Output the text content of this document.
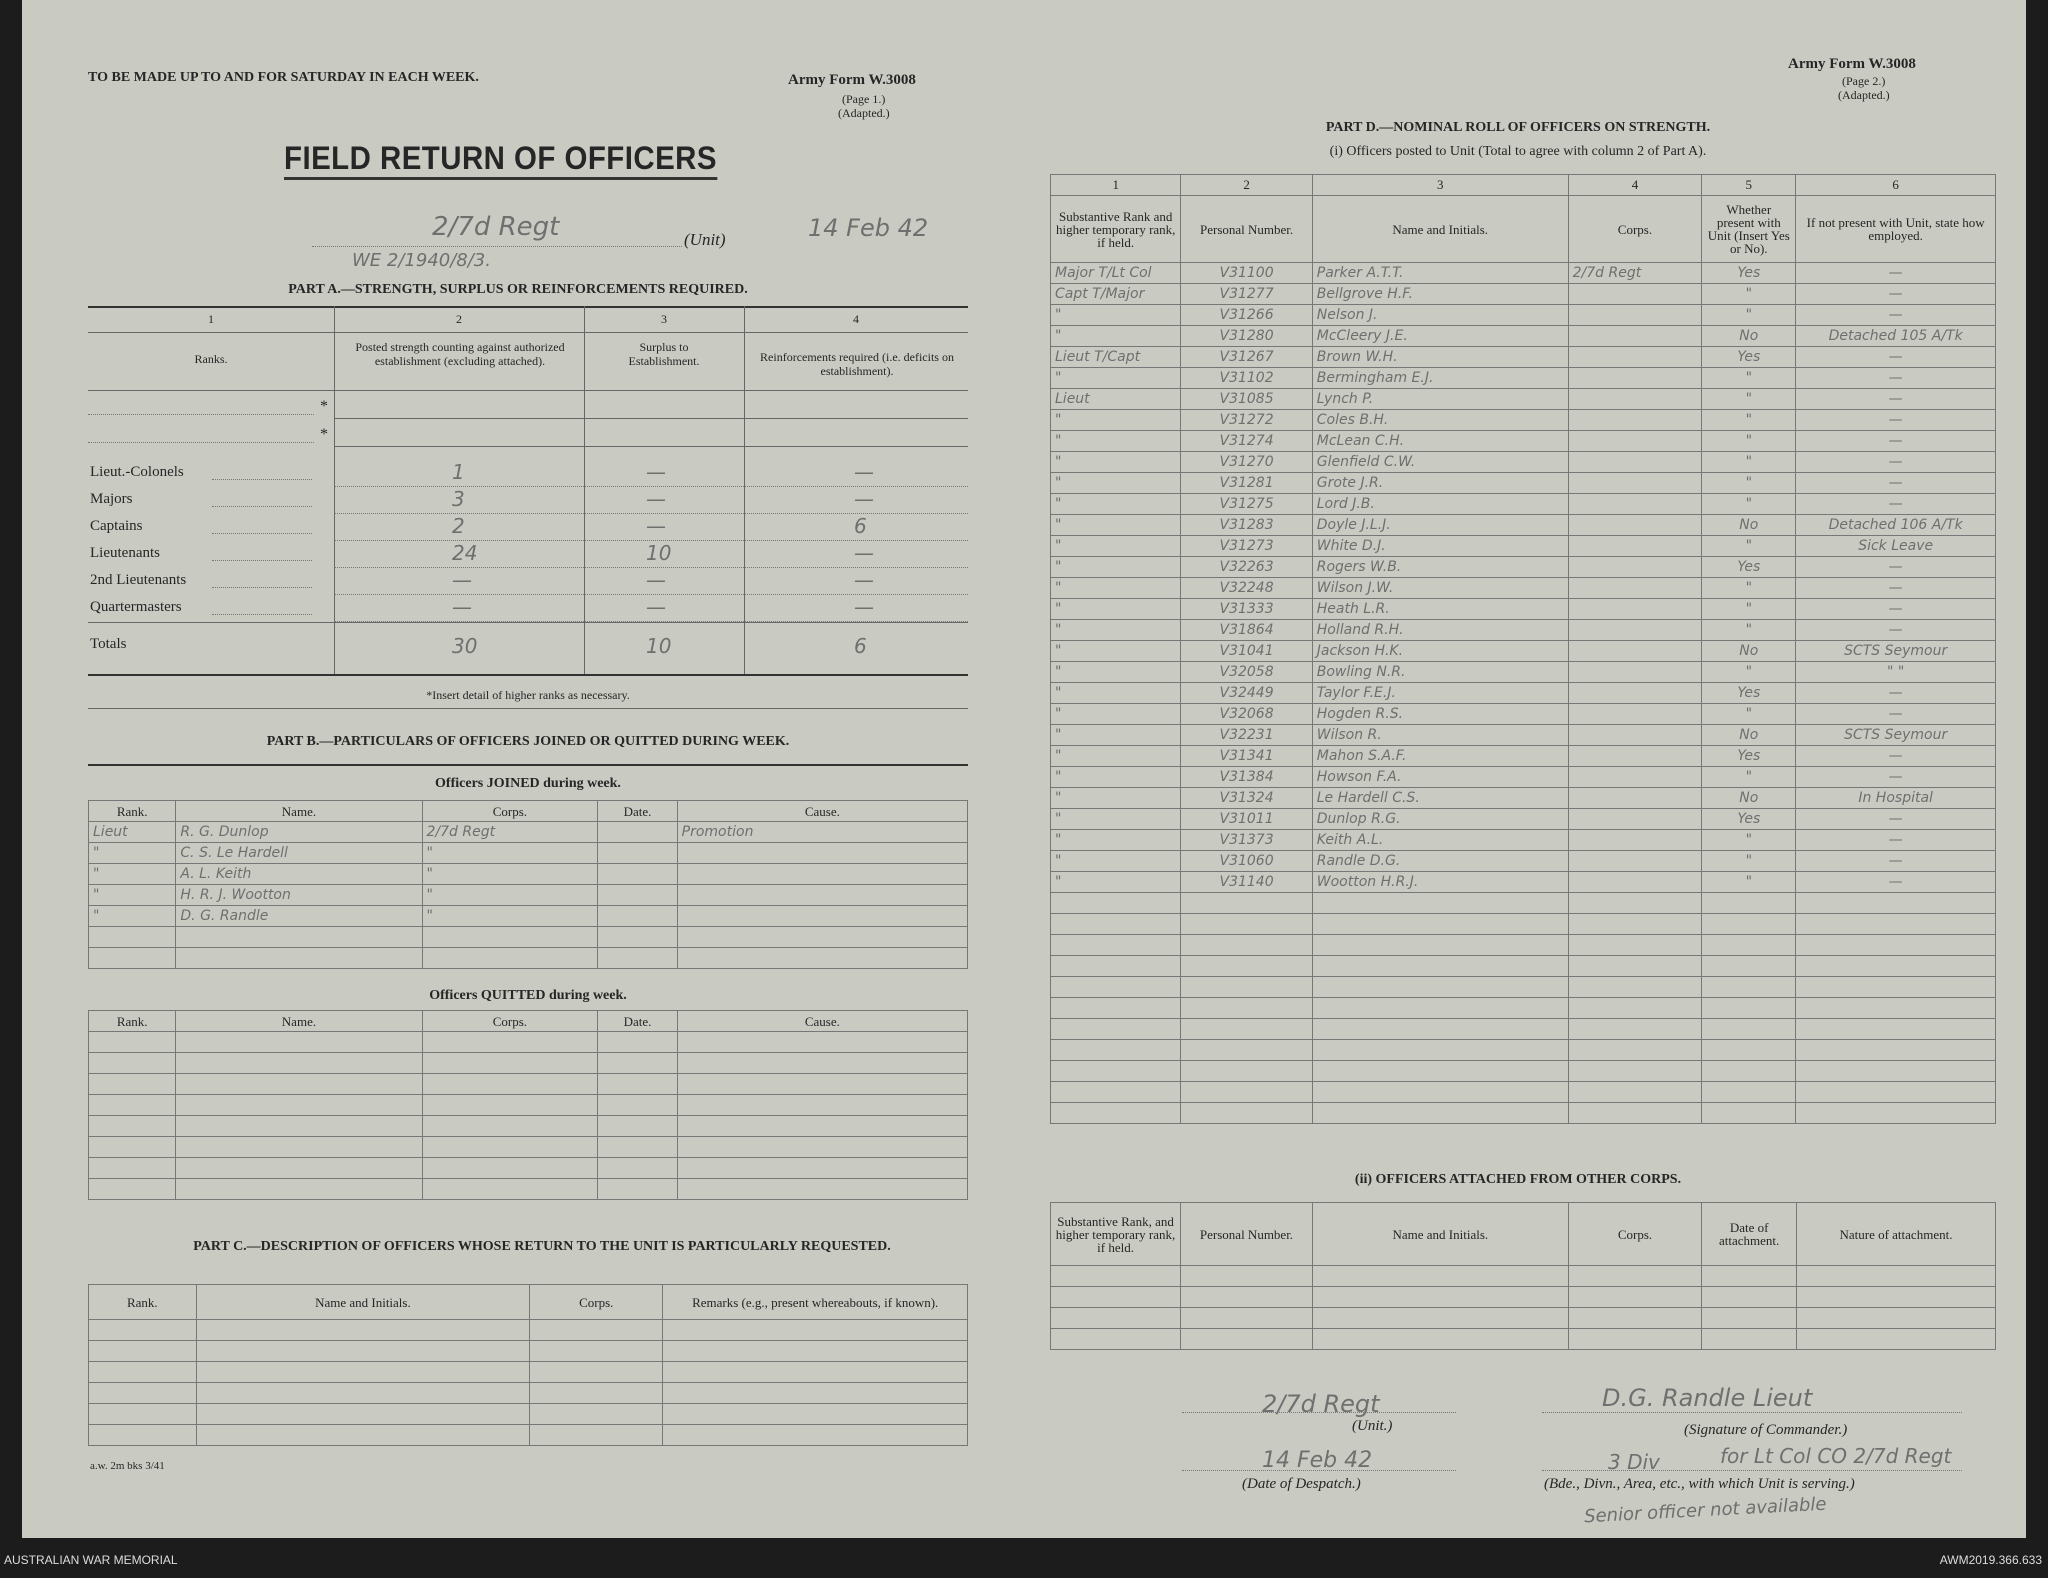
TO BE MADE UP TO AND FOR SATURDAY IN EACH WEEK.	Army Form W.3008
(Page 1.)
(Adapted.)
FIELD RETURN OF OFFICERS
2/7d Regt	(Unit)	14 Feb 42
WE 2/1940/8/3.
PART A.—STRENGTH, SURPLUS OR REINFORCEMENTS REQUIRED.
1	2	3	4
Ranks.
Posted strength counting against authorized establishment (excluding attached).
Surplus to Establishment.	Reinforcements required (i.e. deficits on establishment).
*
*
Totals	30	10	6
*Insert detail of higher ranks as necessary.
PART B.—PARTICULARS OF OFFICERS JOINED OR QUITTED DURING WEEK.
Officers JOINED during week.
Rank.	Name.	Corps.	Date.	Cause.
Lieut	R. G. Dunlop	2/7d Regt		Promotion
"	C. S. Le Hardell	"		
"	A. L. Keith	"		
"	H. R. J. Wootton	"		
"	D. G. Randle	"		

Officers QUITTED during week.
Rank.	Name.	Corps.	Date.	Cause.

PART C.—DESCRIPTION OF OFFICERS WHOSE RETURN TO THE UNIT IS PARTICULARLY REQUESTED.
Rank.	Name and Initials.	Corps.	Remarks (e.g., present whereabouts, if known).

a.w. 2m bks 3/41
Lieut.-Colonels	1	—	—
Majors	3	—	—
Captains	2	—	6
Lieutenants	24	10	—
2nd Lieutenants	—	—	—
Quartermasters	—	—	—
Army Form W.3008
(Page 2.)
(Adapted.)
PART D.—NOMINAL ROLL OF OFFICERS ON STRENGTH.
(i) Officers posted to Unit (Total to agree with column 2 of Part A).
1	2	3	4	5	6
Substantive Rank and higher temporary rank, if held.	Personal Number.	Name and Initials.	Corps.	Whether present with Unit (Insert Yes or No).	If not present with Unit, state how employed.
Major T/Lt Col	V31100	Parker A.T.T.	2/7d Regt	Yes	—
Capt T/Major	V31277	Bellgrove H.F.		"	—
"	V31266	Nelson J.		"	—
"	V31280	McCleery J.E.		No	Detached 105 A/Tk
Lieut T/Capt	V31267	Brown W.H.		Yes	—
"	V31102	Bermingham E.J.		"	—
Lieut	V31085	Lynch P.		"	—
"	V31272	Coles B.H.		"	—
"	V31274	McLean C.H.		"	—
"	V31270	Glenfield C.W.		"	—
"	V31281	Grote J.R.		"	—
"	V31275	Lord J.B.		"	—
"	V31283	Doyle J.L.J.		No	Detached 106 A/Tk
"	V31273	White D.J.		"	Sick Leave
"	V32263	Rogers W.B.		Yes	—
"	V32248	Wilson J.W.		"	—
"	V31333	Heath L.R.		"	—
"	V31864	Holland R.H.		"	—
"	V31041	Jackson H.K.		No	SCTS Seymour
"	V32058	Bowling N.R.		"	" "
"	V32449	Taylor F.E.J.		Yes	—
"	V32068	Hogden R.S.		"	—
"	V32231	Wilson R.		No	SCTS Seymour
"	V31341	Mahon S.A.F.		Yes	—
"	V31384	Howson F.A.		"	—
"	V31324	Le Hardell C.S.		No	In Hospital
"	V31011	Dunlop R.G.		Yes	—
"	V31373	Keith A.L.		"	—
"	V31060	Randle D.G.		"	—
"	V31140	Wootton H.R.J.		"	—

(ii) OFFICERS ATTACHED FROM OTHER CORPS.
Substantive Rank, and higher temporary rank, if held.	Personal Number.	Name and Initials.	Corps.	Date of attachment.	Nature of attachment.

2/7d Regt
(Unit.)
14 Feb 42
(Date of Despatch.)
D.G. Randle Lieut
(Signature of Commander.)
3 Div	for Lt Col CO 2/7d Regt
(Bde., Divn., Area, etc., with which Unit is serving.)
Senior officer not available
AUSTRALIAN WAR MEMORIAL	AWM2019.366.633
